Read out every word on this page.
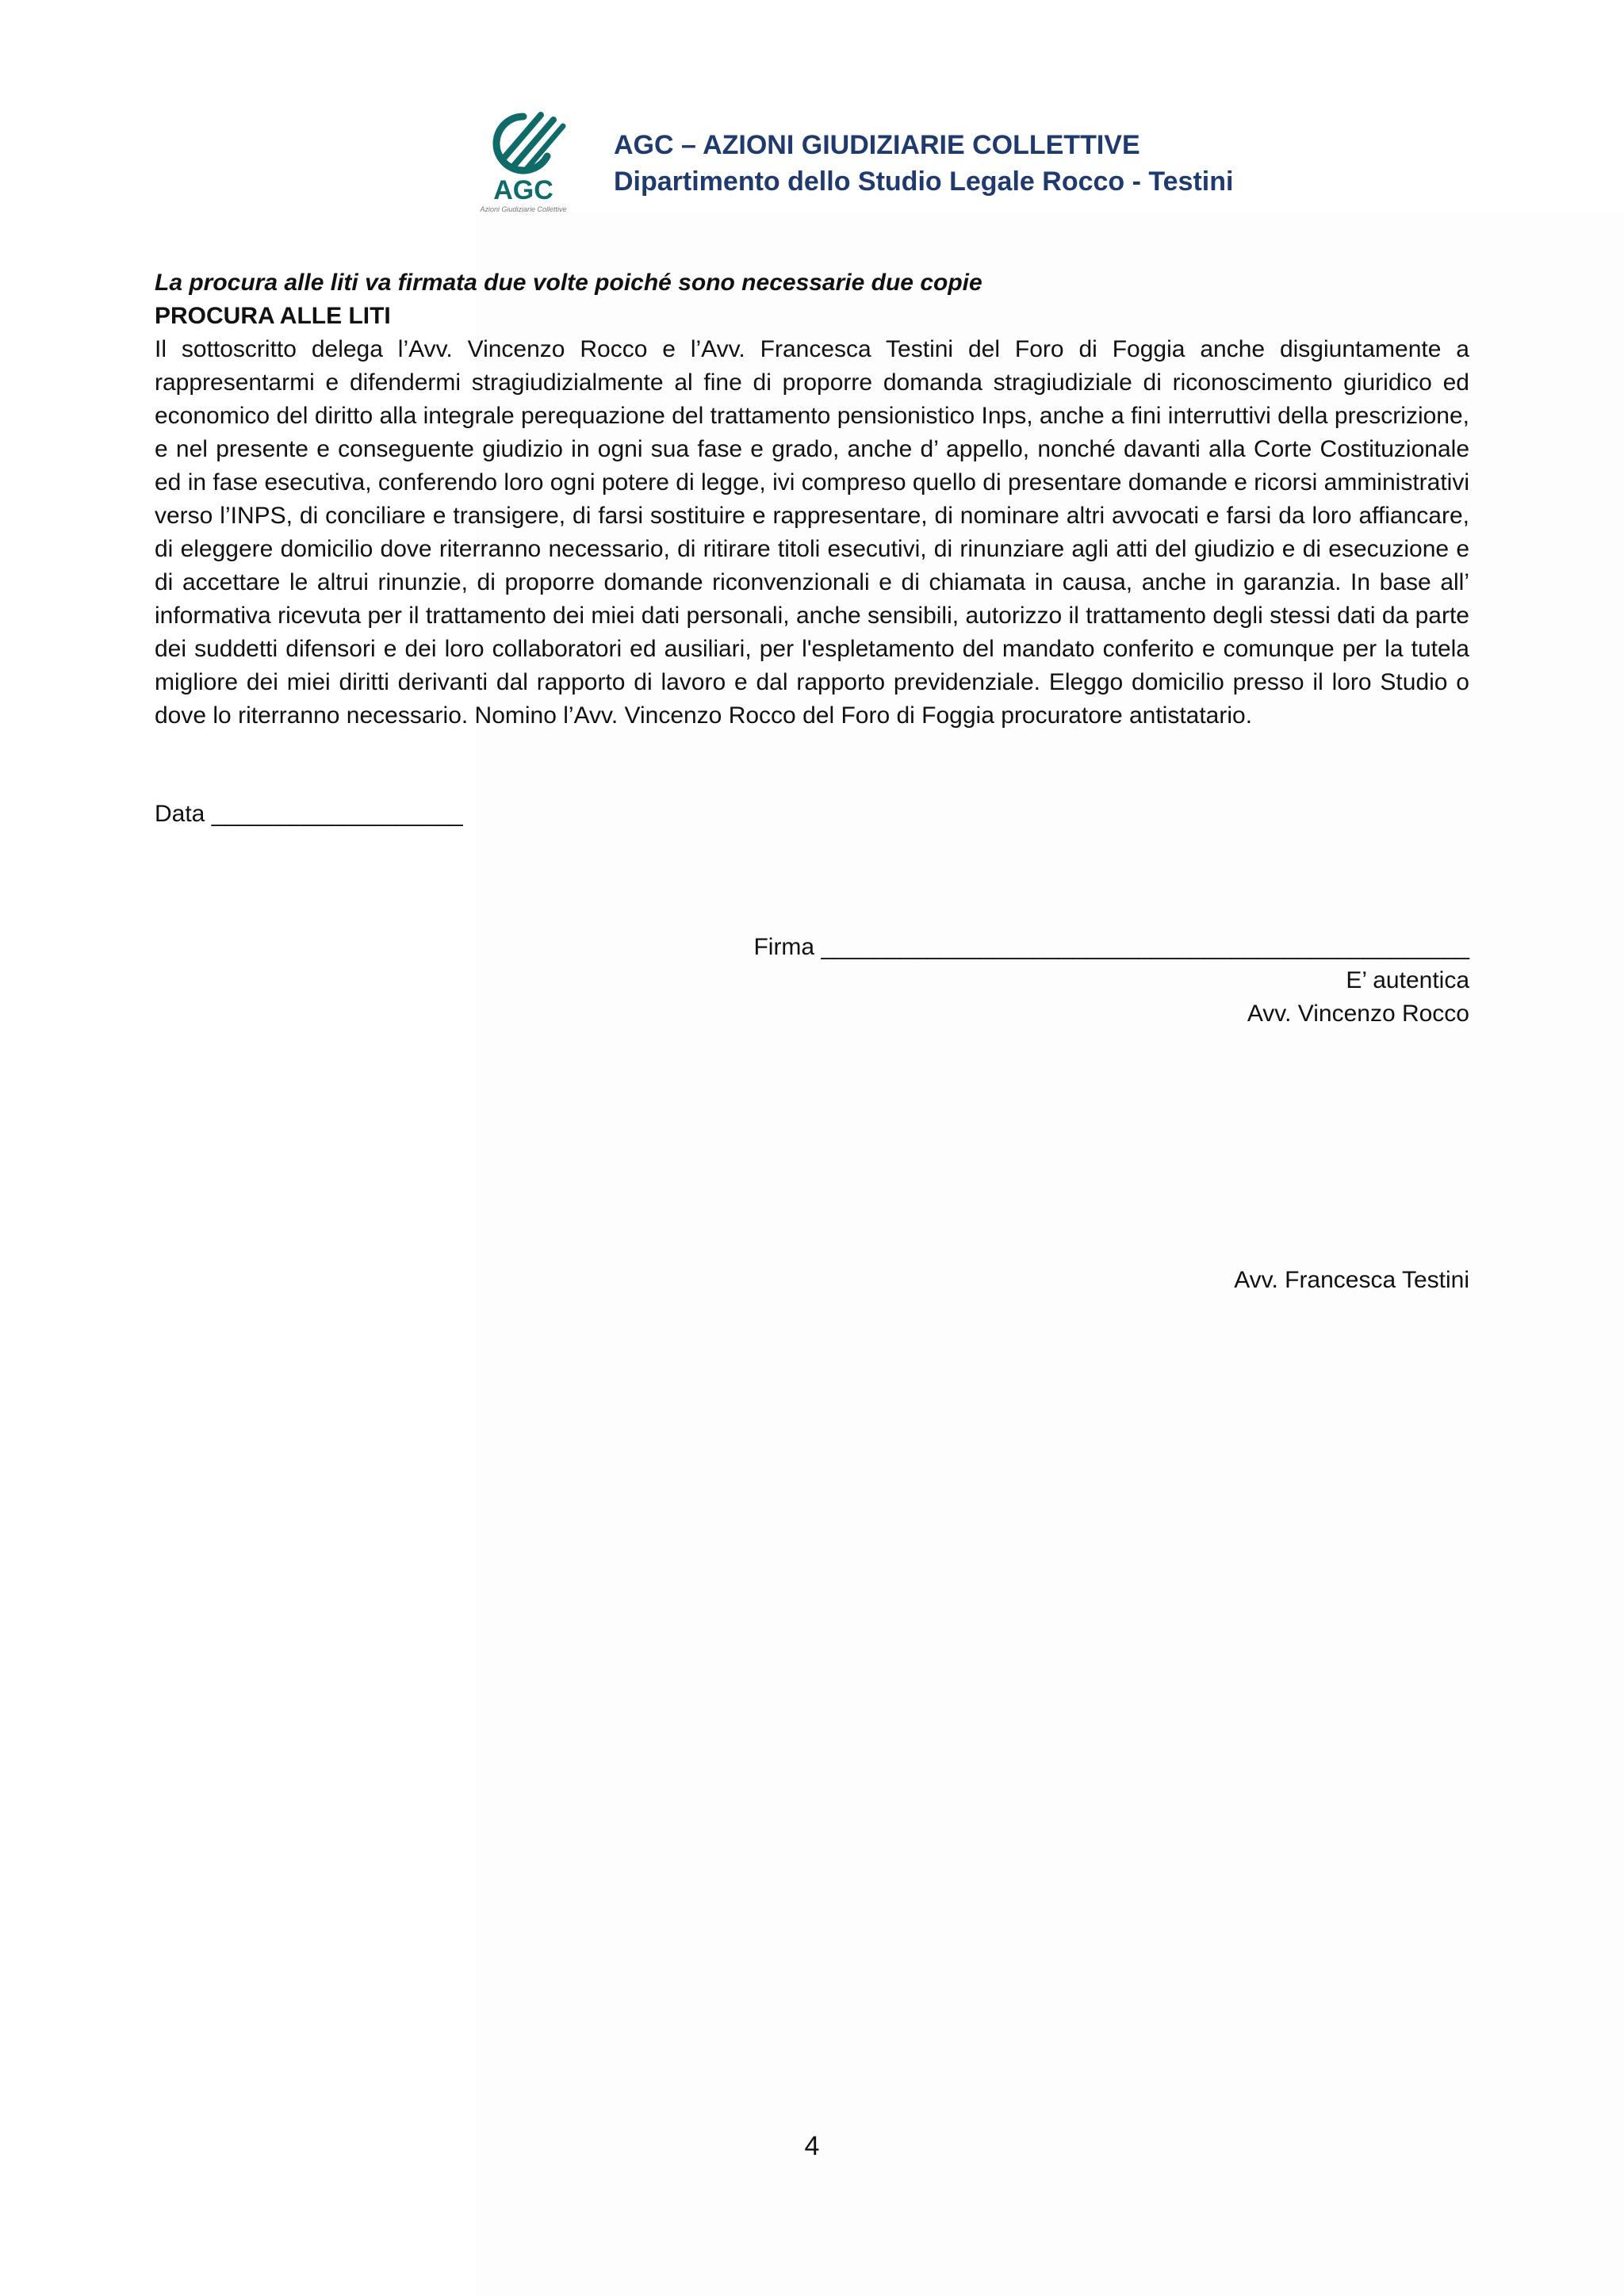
AGC
Azioni Giudiziarie Collettive
AGC – AZIONI GIUDIZIARIE COLLETTIVE
Dipartimento dello Studio Legale Rocco - Testini
La procura alle liti va firmata due volte poiché sono necessarie due copie
PROCURA ALLE LITI
Il sottoscritto delega l’Avv. Vincenzo Rocco e l’Avv. Francesca Testini del Foro di Foggia anche disgiuntamente a rappresentarmi e difendermi stragiudizialmente al fine di proporre domanda stragiudiziale di riconoscimento giuridico ed economico del diritto alla integrale perequazione del trattamento pensionistico Inps, anche a fini interruttivi della prescrizione, e nel presente e conseguente giudizio in ogni sua fase e grado, anche d’ appello, nonché davanti alla Corte Costituzionale ed in fase esecutiva, conferendo loro ogni potere di legge, ivi compreso quello di presentare domande e ricorsi amministrativi verso l’INPS, di conciliare e transigere, di farsi sostituire e rappresentare, di nominare altri avvocati e farsi da loro affiancare, di eleggere domicilio dove riterranno necessario, di ritirare titoli esecutivi, di rinunziare agli atti del giudizio e di esecuzione e di accettare le altrui rinunzie, di proporre domande riconvenzionali e di chiamata in causa, anche in garanzia. In base all’ informativa ricevuta per il trattamento dei miei dati personali, anche sensibili, autorizzo il trattamento degli stessi dati da parte dei suddetti difensori e dei loro collaboratori ed ausiliari, per l'espletamento del mandato conferito e comunque per la tutela migliore dei miei diritti derivanti dal rapporto di lavoro e dal rapporto previdenziale. Eleggo domicilio presso il loro Studio o dove lo riterranno necessario. Nomino l’Avv. Vincenzo Rocco del Foro di Foggia procuratore antistatario.
Data ___________________
Firma _________________________________________________
E’ autentica
Avv. Vincenzo Rocco
Avv. Francesca Testini
4
